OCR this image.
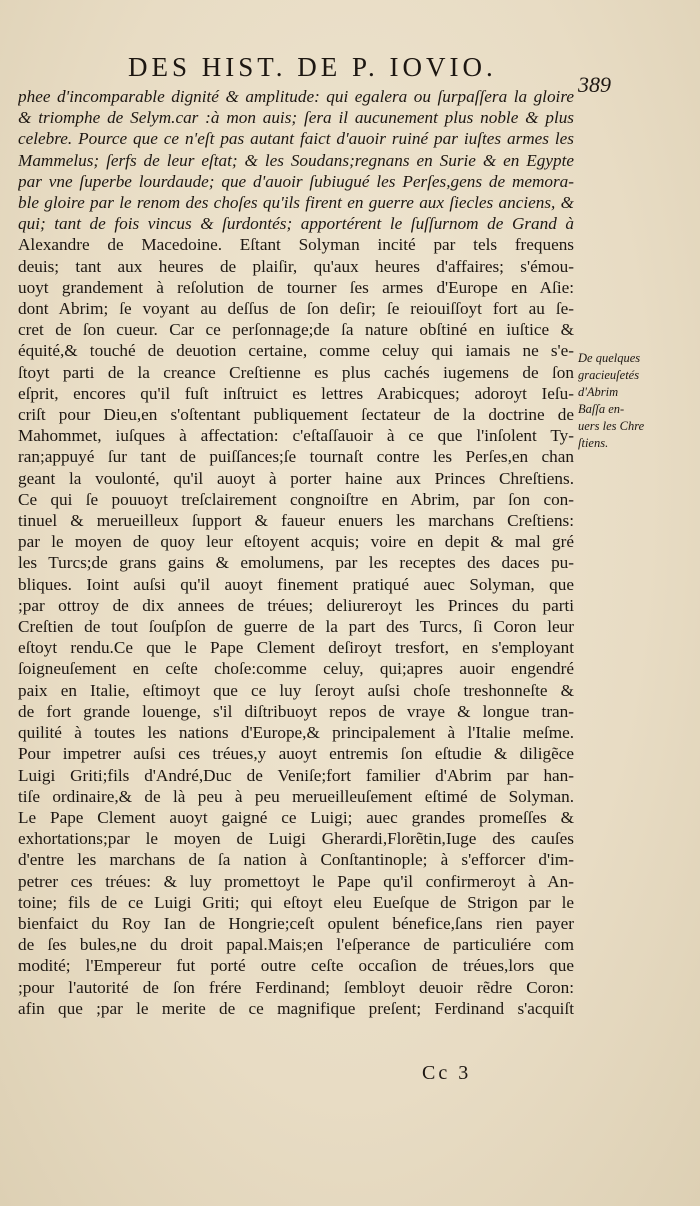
DES HIST. DE P. IOVIO.
389
phee d'incomparable dignité & amplitude: qui egalera ou ſurpaſſera la gloire
& triomphe de Selym.car :à mon auis; ſera il aucunement plus noble & plus
celebre. Pource que ce n'eſt pas autant faict d'auoir ruiné par iuſtes armes les
Mammelus; ſerfs de leur eſtat; & les Soudans;regnans en Surie & en Egypte
par vne ſuperbe lourdaude; que d'auoir ſubiugué les Perſes,gens de memora-
ble gloire par le renom des choſes qu'ils firent en guerre aux ſiecles anciens, &
qui; tant de fois vincus & ſurdontés; apportérent le ſuſſurnom de Grand à
Alexandre de Macedoine. Eſtant Solyman incité par tels frequens
deuis; tant aux heures de plaiſir, qu'aux heures d'affaires; s'émou-
uoyt grandement à reſolution de tourner ſes armes d'Europe en Aſie:
dont Abrim; ſe voyant au deſſus de ſon deſir; ſe reiouiſſoyt fort au ſe-
cret de ſon cueur. Car ce perſonnage;de ſa nature obſtiné en iuſtice &
équité,& touché de deuotion certaine, comme celuy qui iamais ne s'e-
ſtoyt parti de la creance Creſtienne es plus cachés iugemens de ſon
eſprit, encores qu'il fuſt inſtruict es lettres Arabicques; adoroyt Ieſu-
criſt pour Dieu,en s'oſtentant publiquement ſectateur de la doctrine de
Mahommet, iuſques à affectation: c'eſtaſſauoir à ce que l'inſolent Ty-
ran;appuyé ſur tant de puiſſances;ſe tournaſt contre les Perſes,en chan
geant la voulonté, qu'il auoyt à porter haine aux Princes Chreſtiens.
Ce qui ſe pouuoyt treſclairement congnoiſtre en Abrim, par ſon con-
tinuel & merueilleux ſupport & faueur enuers les marchans Creſtiens:
par le moyen de quoy leur eſtoyent acquis; voire en depit & mal gré
les Turcs;de grans gains & emolumens, par les receptes des daces pu-
bliques. Ioint auſsi qu'il auoyt finement pratiqué auec Solyman, que
;par ottroy de dix annees de tréues; deliureroyt les Princes du parti
Creſtien de tout ſouſpſon de guerre de la part des Turcs, ſi Coron leur
eſtoyt rendu.Ce que le Pape Clement deſiroyt tresfort, en s'employant
ſoigneuſement en ceſte choſe:comme celuy, qui;apres auoir engendré
paix en Italie, eſtimoyt que ce luy ſeroyt auſsi choſe treshonneſte &
de fort grande louenge, s'il diſtribuoyt repos de vraye & longue tran-
quilité à toutes les nations d'Europe,& principalement à l'Italie meſme.
Pour impetrer auſsi ces tréues,y auoyt entremis ſon eſtudie & diligẽce
Luigi Griti;fils d'André,Duc de Veniſe;fort familier d'Abrim par han-
tiſe ordinaire,& de là peu à peu merueilleuſement eſtimé de Solyman.
Le Pape Clement auoyt gaigné ce Luigi; auec grandes promeſſes &
exhortations;par le moyen de Luigi Gherardi,Florẽtin,Iuge des cauſes
d'entre les marchans de ſa nation à Conſtantinople; à s'efforcer d'im-
petrer ces tréues: & luy promettoyt le Pape qu'il confirmeroyt à An-
toine; fils de ce Luigi Griti; qui eſtoyt eleu Eueſque de Strigon par le
bienfaict du Roy Ian de Hongrie;ceſt opulent bénefice,ſans rien payer
de ſes bules,ne du droit papal.Mais;en l'eſperance de particuliére com
modité; l'Empereur fut porté outre ceſte occaſion de tréues,lors que
;pour l'autorité de ſon frére Ferdinand; ſembloyt deuoir rẽdre Coron:
afin que ;par le merite de ce magnifique preſent; Ferdinand s'acquiſt
De quelques
gracieuſetés
d'Abrim
Baſſa en-
uers les Chre
ſtiens.
Cc 3
